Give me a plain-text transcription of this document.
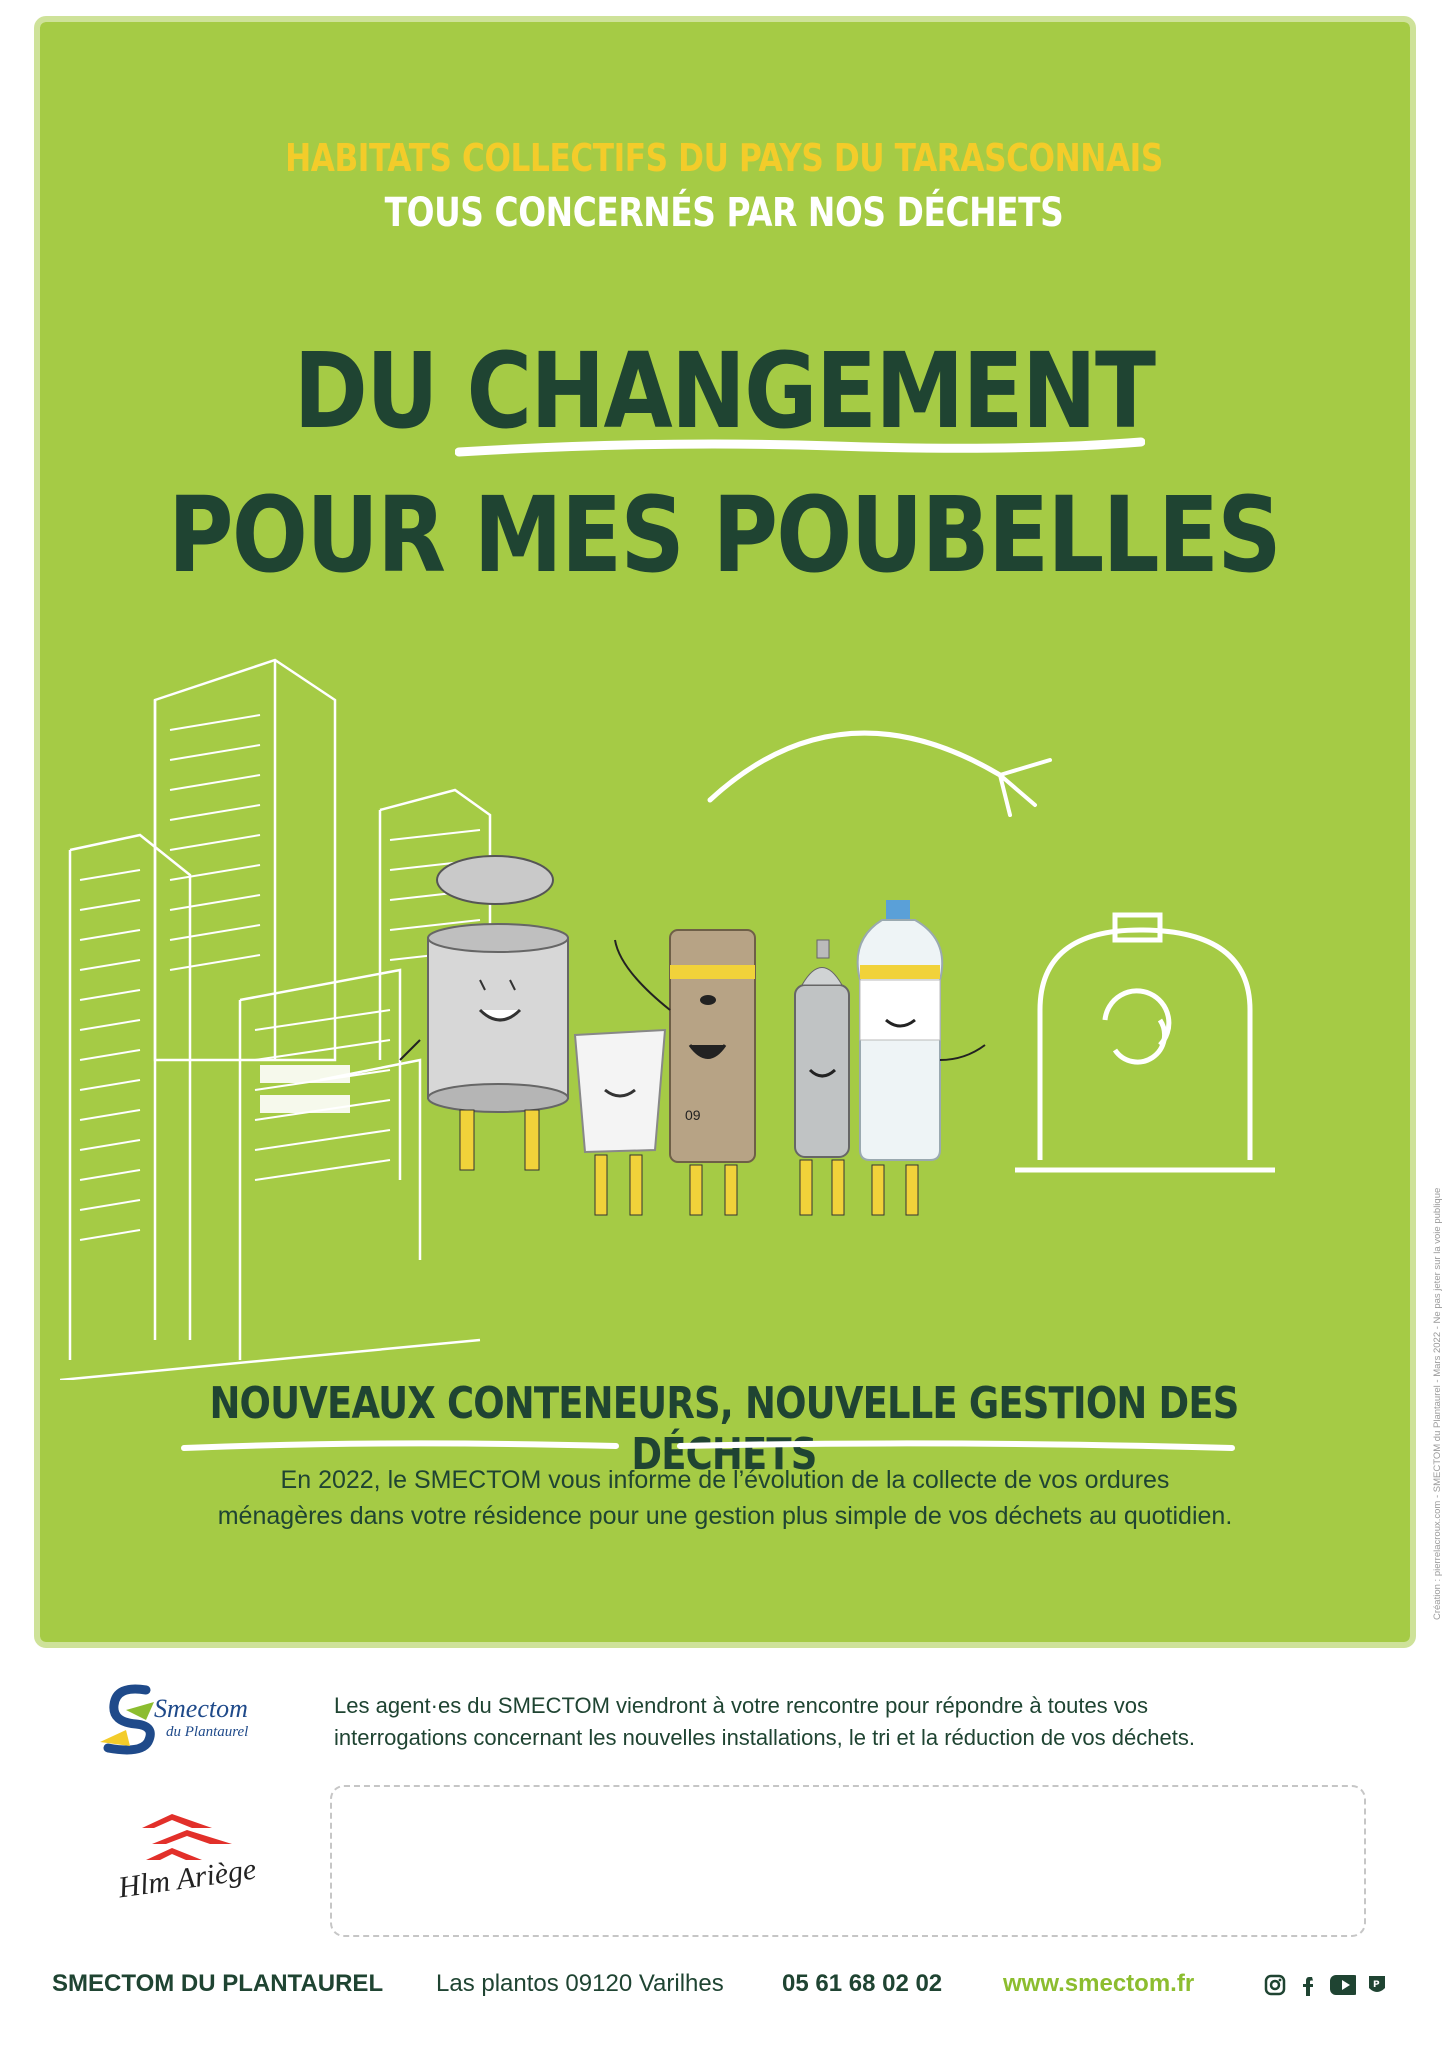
HABITATS COLLECTIFS DU PAYS DU TARASCONNAIS
TOUS CONCERNÉS PAR NOS DÉCHETS
DU CHANGEMENT
POUR MES POUBELLES
09
NOUVEAUX CONTENEURS, NOUVELLE GESTION DES DÉCHETS
En 2022, le SMECTOM vous informe de l’évolution de la collecte de vos ordures
ménagères dans votre résidence pour une gestion plus simple de vos déchets au quotidien.	Création : pierrelacroux.com - SMECTOM du Plantaurel - Mars 2022 - Ne pas jeter sur la voie publique
Smectom
du Plantaurel
Hlm Ariège
Les agent·es du SMECTOM viendront à votre rencontre pour répondre à toutes vos
interrogations concernant les nouvelles installations, le tri et la réduction de vos déchets.
SMECTOM DU PLANTAUREL Las plantos 09120 Varilhes 05 61 68 02 02	www.smectom.fr	P
